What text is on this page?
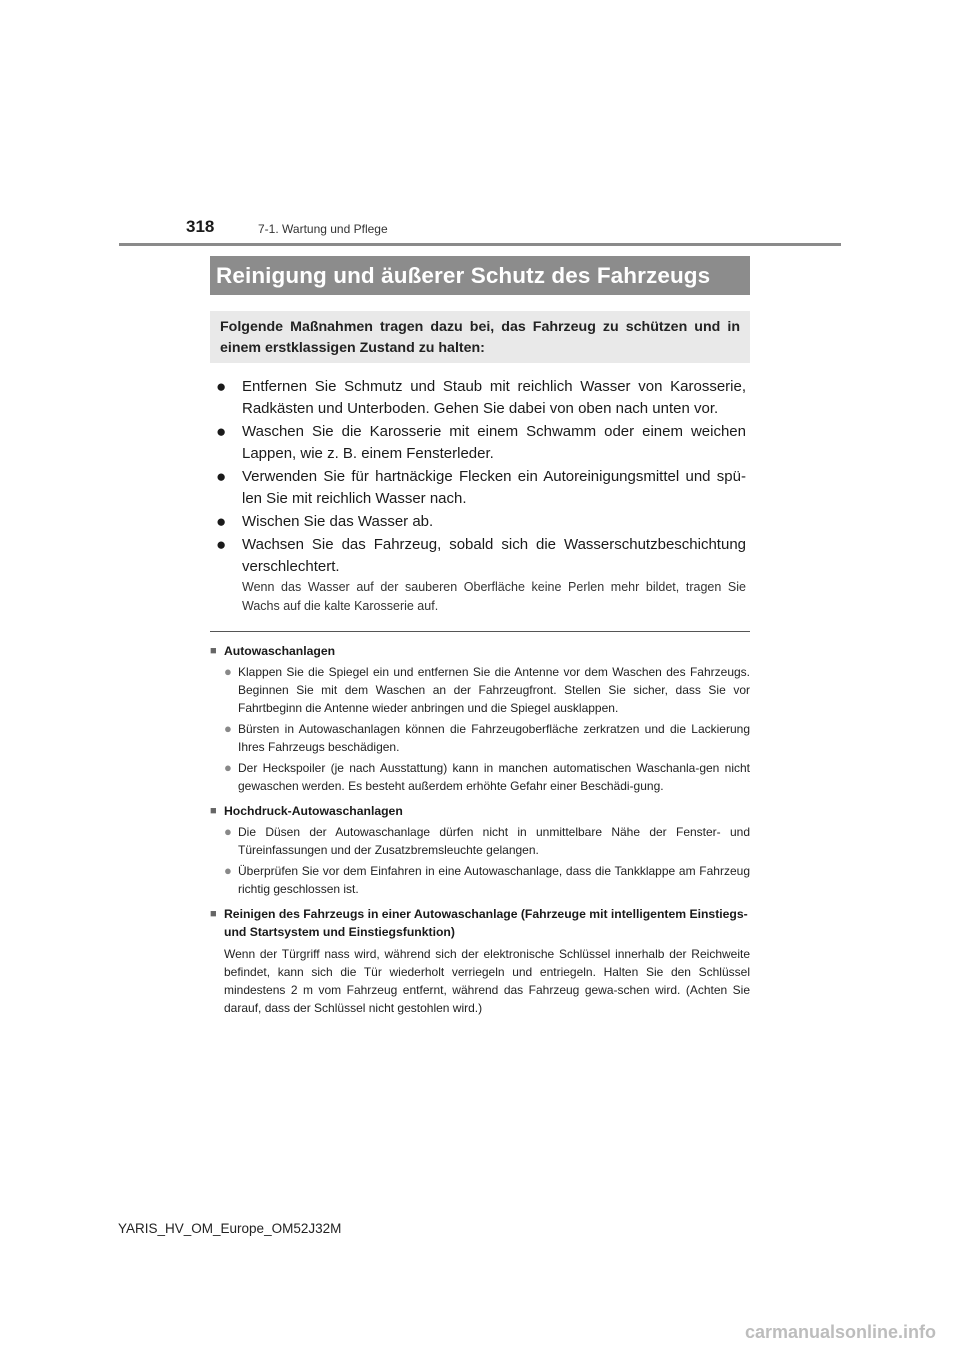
318	7-1. Wartung und Pflege
Reinigung und äußerer Schutz des Fahrzeugs
Folgende Maßnahmen tragen dazu bei, das Fahrzeug zu schützen und in einem erstklassigen Zustand zu halten:
● Entfernen Sie Schmutz und Staub mit reichlich Wasser von Karosserie, Radkästen und Unterboden. Gehen Sie dabei von oben nach unten vor.
● Waschen Sie die Karosserie mit einem Schwamm oder einem weichen Lappen, wie z. B. einem Fensterleder.
● Verwenden Sie für hartnäckige Flecken ein Autoreinigungsmittel und spü-len Sie mit reichlich Wasser nach.
● Wischen Sie das Wasser ab.
● Wachsen Sie das Fahrzeug, sobald sich die Wasserschutzbeschichtung verschlechtert.
Wenn das Wasser auf der sauberen Oberfläche keine Perlen mehr bildet, tragen Sie Wachs auf die kalte Karosserie auf.
■ Autowaschanlagen
● Klappen Sie die Spiegel ein und entfernen Sie die Antenne vor dem Waschen des Fahrzeugs. Beginnen Sie mit dem Waschen an der Fahrzeugfront. Stellen Sie sicher, dass Sie vor Fahrtbeginn die Antenne wieder anbringen und die Spiegel ausklappen.
● Bürsten in Autowaschanlagen können die Fahrzeugoberfläche zerkratzen und die Lackierung Ihres Fahrzeugs beschädigen.
● Der Heckspoiler (je nach Ausstattung) kann in manchen automatischen Waschanla-gen nicht gewaschen werden. Es besteht außerdem erhöhte Gefahr einer Beschädi-gung.
■ Hochdruck-Autowaschanlagen
● Die Düsen der Autowaschanlage dürfen nicht in unmittelbare Nähe der Fenster- und Türeinfassungen und der Zusatzbremsleuchte gelangen.
● Überprüfen Sie vor dem Einfahren in eine Autowaschanlage, dass die Tankklappe am Fahrzeug richtig geschlossen ist.
■ Reinigen des Fahrzeugs in einer Autowaschanlage (Fahrzeuge mit intelligentem Einstiegs- und Startsystem und Einstiegsfunktion)
Wenn der Türgriff nass wird, während sich der elektronische Schlüssel innerhalb der Reichweite befindet, kann sich die Tür wiederholt verriegeln und entriegeln. Halten Sie den Schlüssel mindestens 2 m vom Fahrzeug entfernt, während das Fahrzeug gewa-schen wird. (Achten Sie darauf, dass der Schlüssel nicht gestohlen wird.)
YARIS_HV_OM_Europe_OM52J32M
carmanualsonline.info
